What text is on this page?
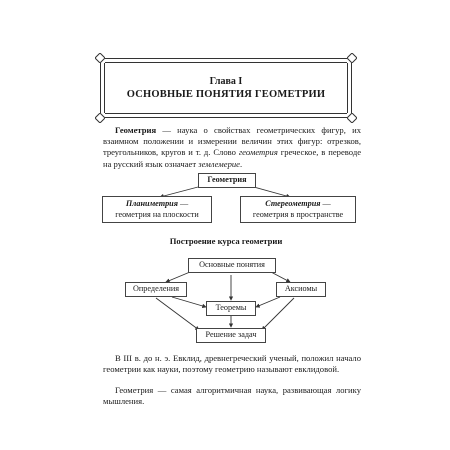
Глава I
ОСНОВНЫЕ ПОНЯТИЯ ГЕОМЕТРИИ
Геометрия — наука о свойствах геометрических фигур, их взаимном положении и измерении величин этих фигур: отрезков, треугольников, кругов и т. д. Слово геометрия греческое, в переводе на русский язык означает землемерие.
Геометрия
Планиметрия —
геометрия на плоскости
Стереометрия —
геометрия в пространстве
Построение курса геометрии
Основные понятия
Определения	Аксиомы
Теоремы
Решение задач
В III в. до н. э. Евклид, древнегреческий ученый, положил начало геометрии как науки, поэтому геометрию называют евклидовой.
Геометрия — самая алгоритмичная наука, развивающая логику мышления.
